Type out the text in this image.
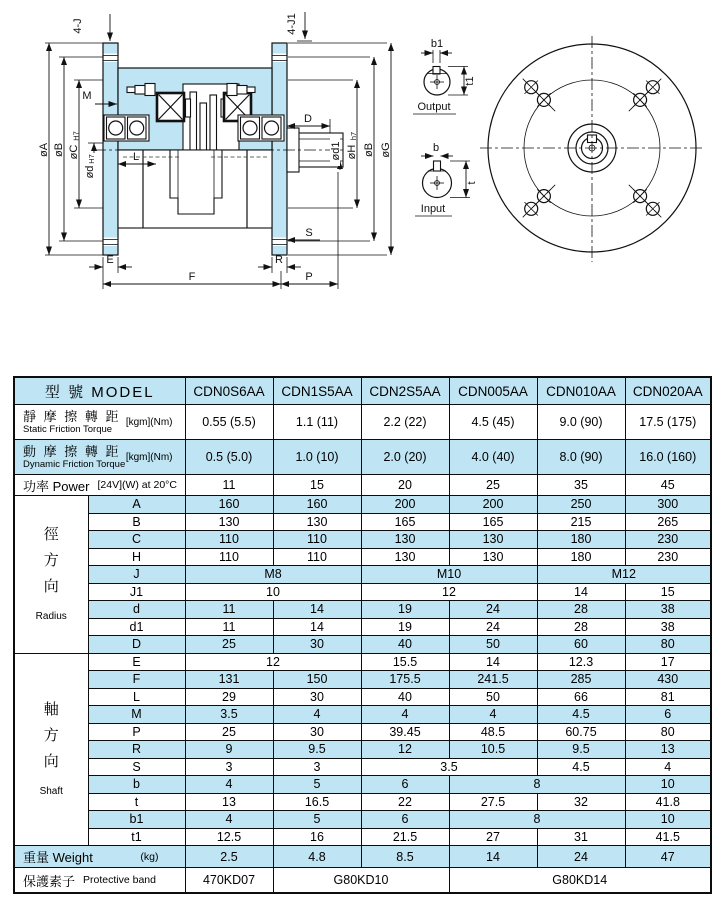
4-J	4-J1
øA øB øC
H7
ød
H7
M
L
E	R
F	P
S
D
ød1 øH
h7
øB øG
b1
t1
Output
b
t
Input
型 號 MODEL		CDN0S6AA	CDN1S5AA	CDN2S5AA	CDN005AA	CDN010AA	CDN020AA

靜 摩 擦 轉 距
Static Friction Torque
[kgm](Nm)		0.55 (5.5)	1.1 (11)	2.2 (22)	4.5 (45)	9.0 (90)	17.5 (175)

動 摩 擦 轉 距
Dynamic Friction Torque
[kgm](Nm)		0.5 (5.0)	1.0 (10)	2.0 (20)	4.0 (40)	8.0 (90)	16.0 (160)

功率 Power [24V](W) at 20°C		11	15	20	25	35	45

徑
方
向
Radius	A	160	160	200	200	250	300
	B	130	130	165	165	215	265
	C	110	110	130	130	180	230
	H	110	110	130	130	180	230
	J	M8		M10		M12	
	J1	10		12		14	15
	d	11	14	19	24	28	38
	d1	11	14	19	24	28	38
	D	25	30	40	50	60	80

軸
方
向
Shaft	E	12		15.5	14	12.3	17
	F	131	150	175.5	241.5	285	430
	L	29	30	40	50	66	81
	M	3.5	4	4	4	4.5	6
	P	25	30	39.45	48.5	60.75	80
	R	9	9.5	12	10.5	9.5	13
	S	3	3	3.5		4.5	4
	b	4	5	6	8		10
	t	13	16.5	22	27.5	32	41.8
	b1	4	5	6	8		10
	t1	12.5	16	21.5	27	31	41.5

重量 Weight (kg)		2.5	4.8	8.5	14	24	47

保護素子 Protective band		470KD07	G80KD10		G80KD14		
